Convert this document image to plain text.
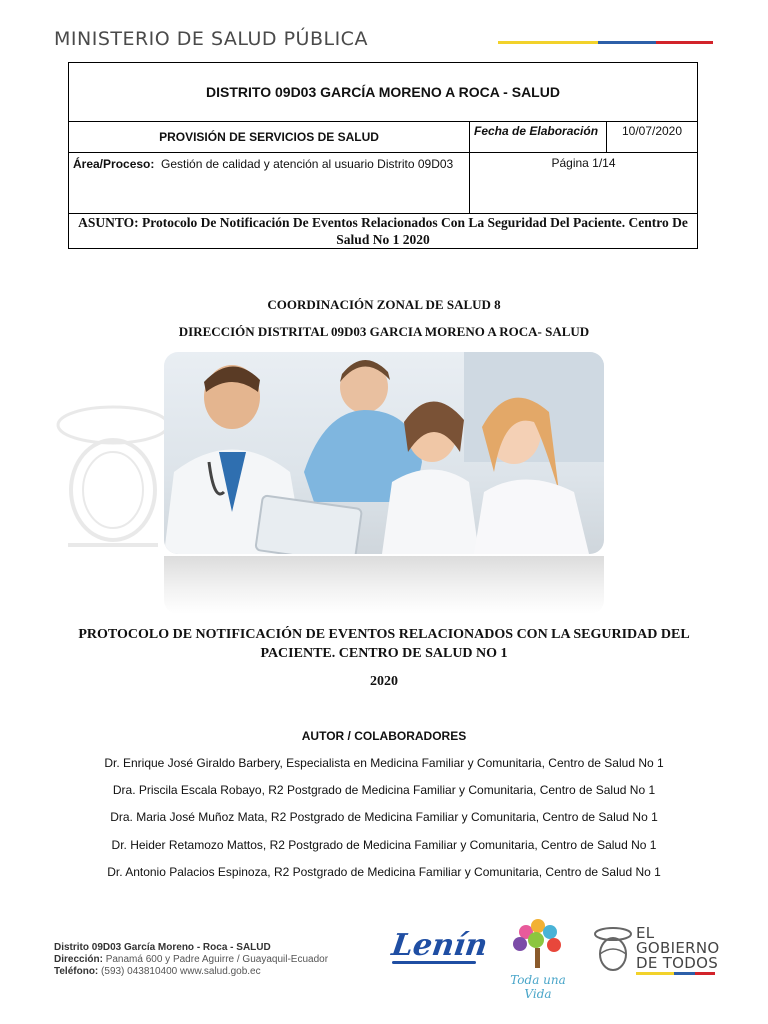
MINISTERIO DE SALUD PÚBLICA
DISTRITO 09D03 GARCÍA MORENO A ROCA - SALUD		
PROVISIÓN DE SERVICIOS DE SALUD	Fecha de Elaboración	10/07/2020
Área/Proceso: Gestión de calidad y atención al usuario Distrito 09D03	Página 1/14	
ASUNTO: Protocolo De Notificación De Eventos Relacionados Con La Seguridad Del Paciente. Centro De Salud No 1 2020		
COORDINACIÓN ZONAL DE SALUD 8
DIRECCIÓN DISTRITAL 09D03 GARCIA MORENO A ROCA- SALUD
PROTOCOLO DE NOTIFICACIÓN DE EVENTOS RELACIONADOS CON LA SEGURIDAD DEL
PACIENTE. CENTRO DE SALUD NO 1
2020
AUTOR / COLABORADORES
Dr. Enrique José Giraldo Barbery, Especialista en Medicina Familiar y Comunitaria, Centro de Salud No 1
Dra. Priscila Escala Robayo, R2 Postgrado de Medicina Familiar y Comunitaria, Centro de Salud No 1
Dra. Maria José Muñoz Mata, R2 Postgrado de Medicina Familiar y Comunitaria, Centro de Salud No 1
Dr. Heider Retamozo Mattos, R2 Postgrado de Medicina Familiar y Comunitaria, Centro de Salud No 1
Dr. Antonio Palacios Espinoza, R2 Postgrado de Medicina Familiar y Comunitaria, Centro de Salud No 1
Distrito 09D03 García Moreno - Roca - SALUD
Dirección: Panamá 600 y Padre Aguirre / Guayaquil-Ecuador
Teléfono: (593) 043810400 www.salud.gob.ec
Lenín
Toda una Vida
EL
GOBIERNO
DE TODOS
